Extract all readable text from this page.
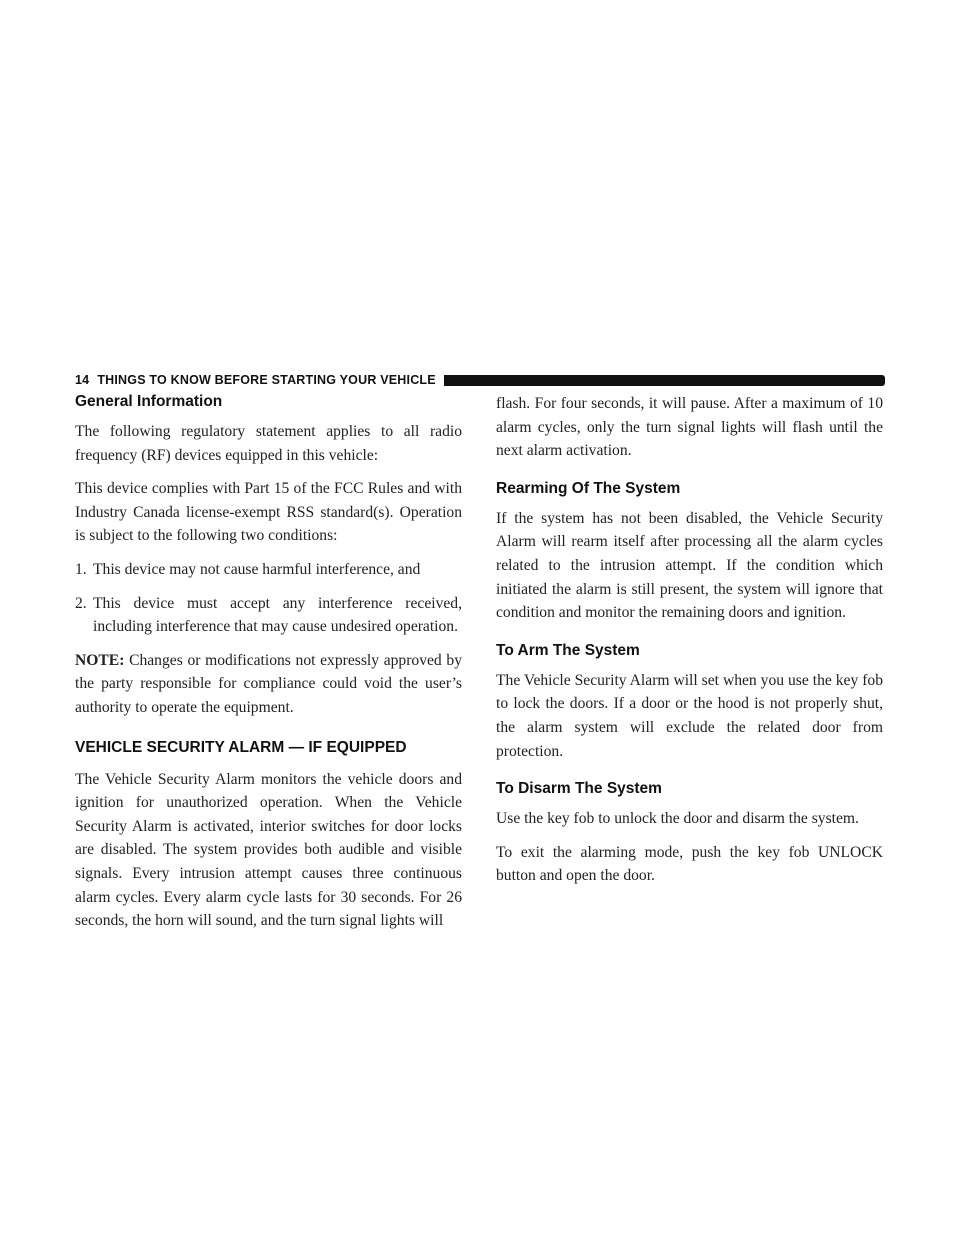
14 THINGS TO KNOW BEFORE STARTING YOUR VEHICLE
General Information

The following regulatory statement applies to all radio frequency (RF) devices equipped in this vehicle:

This device complies with Part 15 of the FCC Rules and with Industry Canada license-exempt RSS standard(s). Operation is subject to the following two conditions:

1. This device may not cause harmful interference, and
2. This device must accept any interference received, including interference that may cause undesired operation.

NOTE: Changes or modifications not expressly approved by the party responsible for compliance could void the user’s authority to operate the equipment.

VEHICLE SECURITY ALARM — IF EQUIPPED

The Vehicle Security Alarm monitors the vehicle doors and ignition for unauthorized operation. When the Vehicle Security Alarm is activated, interior switches for door locks are disabled. The system provides both audible and visible signals. Every intrusion attempt causes three continuous alarm cycles. Every alarm cycle lasts for 30 seconds. For 26 seconds, the horn will sound, and the turn signal lights will

flash. For four seconds, it will pause. After a maximum of 10 alarm cycles, only the turn signal lights will flash until the next alarm activation.

Rearming Of The System

If the system has not been disabled, the Vehicle Security Alarm will rearm itself after processing all the alarm cycles related to the intrusion attempt. If the condition which initiated the alarm is still present, the system will ignore that condition and monitor the remaining doors and ignition.

To Arm The System

The Vehicle Security Alarm will set when you use the key fob to lock the doors. If a door or the hood is not properly shut, the alarm system will exclude the related door from protection.

To Disarm The System

Use the key fob to unlock the door and disarm the system.

To exit the alarming mode, push the key fob UNLOCK button and open the door.
